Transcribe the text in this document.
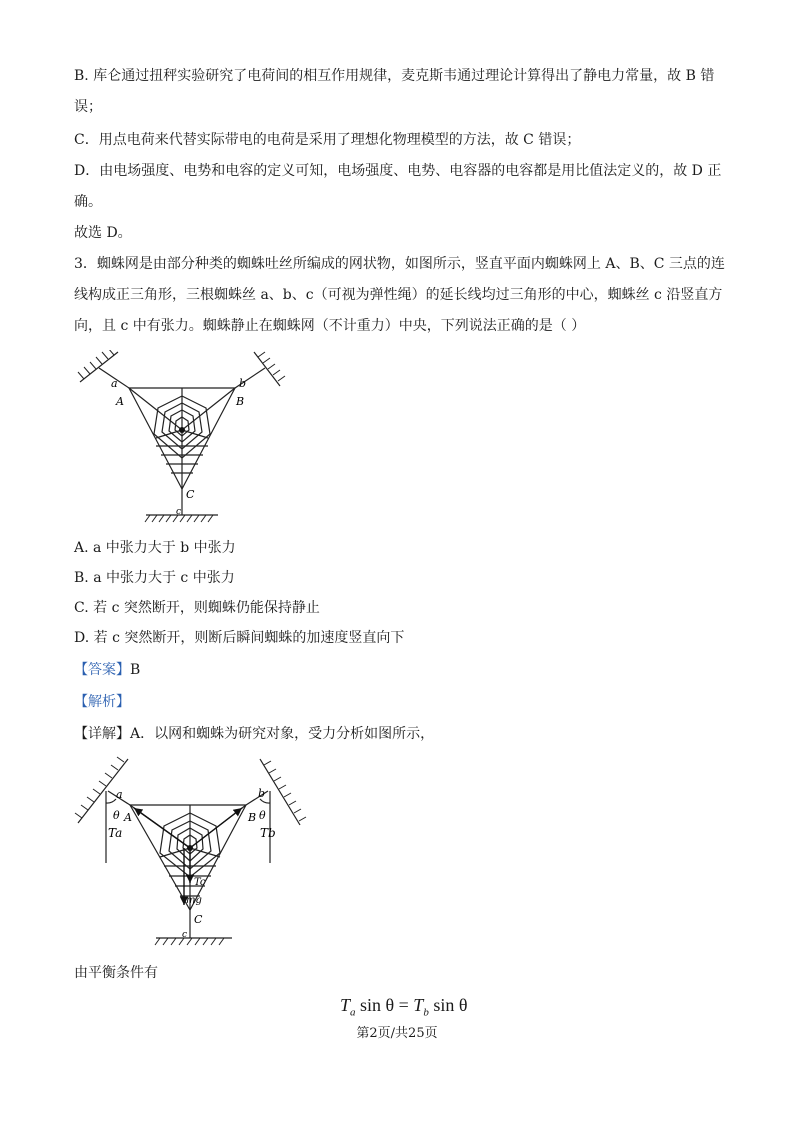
B. 库仑通过扭秤实验研究了电荷间的相互作用规律，麦克斯韦通过理论计算得出了静电力常量，故 B 错
误；
C．用点电荷来代替实际带电的电荷是采用了理想化物理模型的方法，故 C 错误；
D．由电场强度、电势和电容的定义可知，电场强度、电势、电容器的电容都是用比值法定义的，故 D 正
确。
故选 D。
3．蜘蛛网是由部分种类的蜘蛛吐丝所编成的网状物，如图所示，竖直平面内蜘蛛网上 A、B、C 三点的连
线构成正三角形，三根蜘蛛丝 a、b、c（可视为弹性绳）的延长线均过三角形的中心，蜘蛛丝 c 沿竖直方
向，且 c 中有张力。蜘蛛静止在蜘蛛网（不计重力）中央，下列说法正确的是（ ）
a
A
b
B
C
c
A. a 中张力大于 b 中张力
B. a 中张力大于 c 中张力
C. 若 c 突然断开，则蜘蛛仍能保持静止
D. 若 c 突然断开，则断后瞬间蜘蛛的加速度竖直向下
【答案】B
【解析】
【详解】A．以网和蜘蛛为研究对象，受力分析如图所示，
a
θ A
Ta
b
B θ
Tb
Tc
mg
C
c
由平衡条件有
$T_a$ $\sin \theta = T_b$ sin θ
第2页/共25页
